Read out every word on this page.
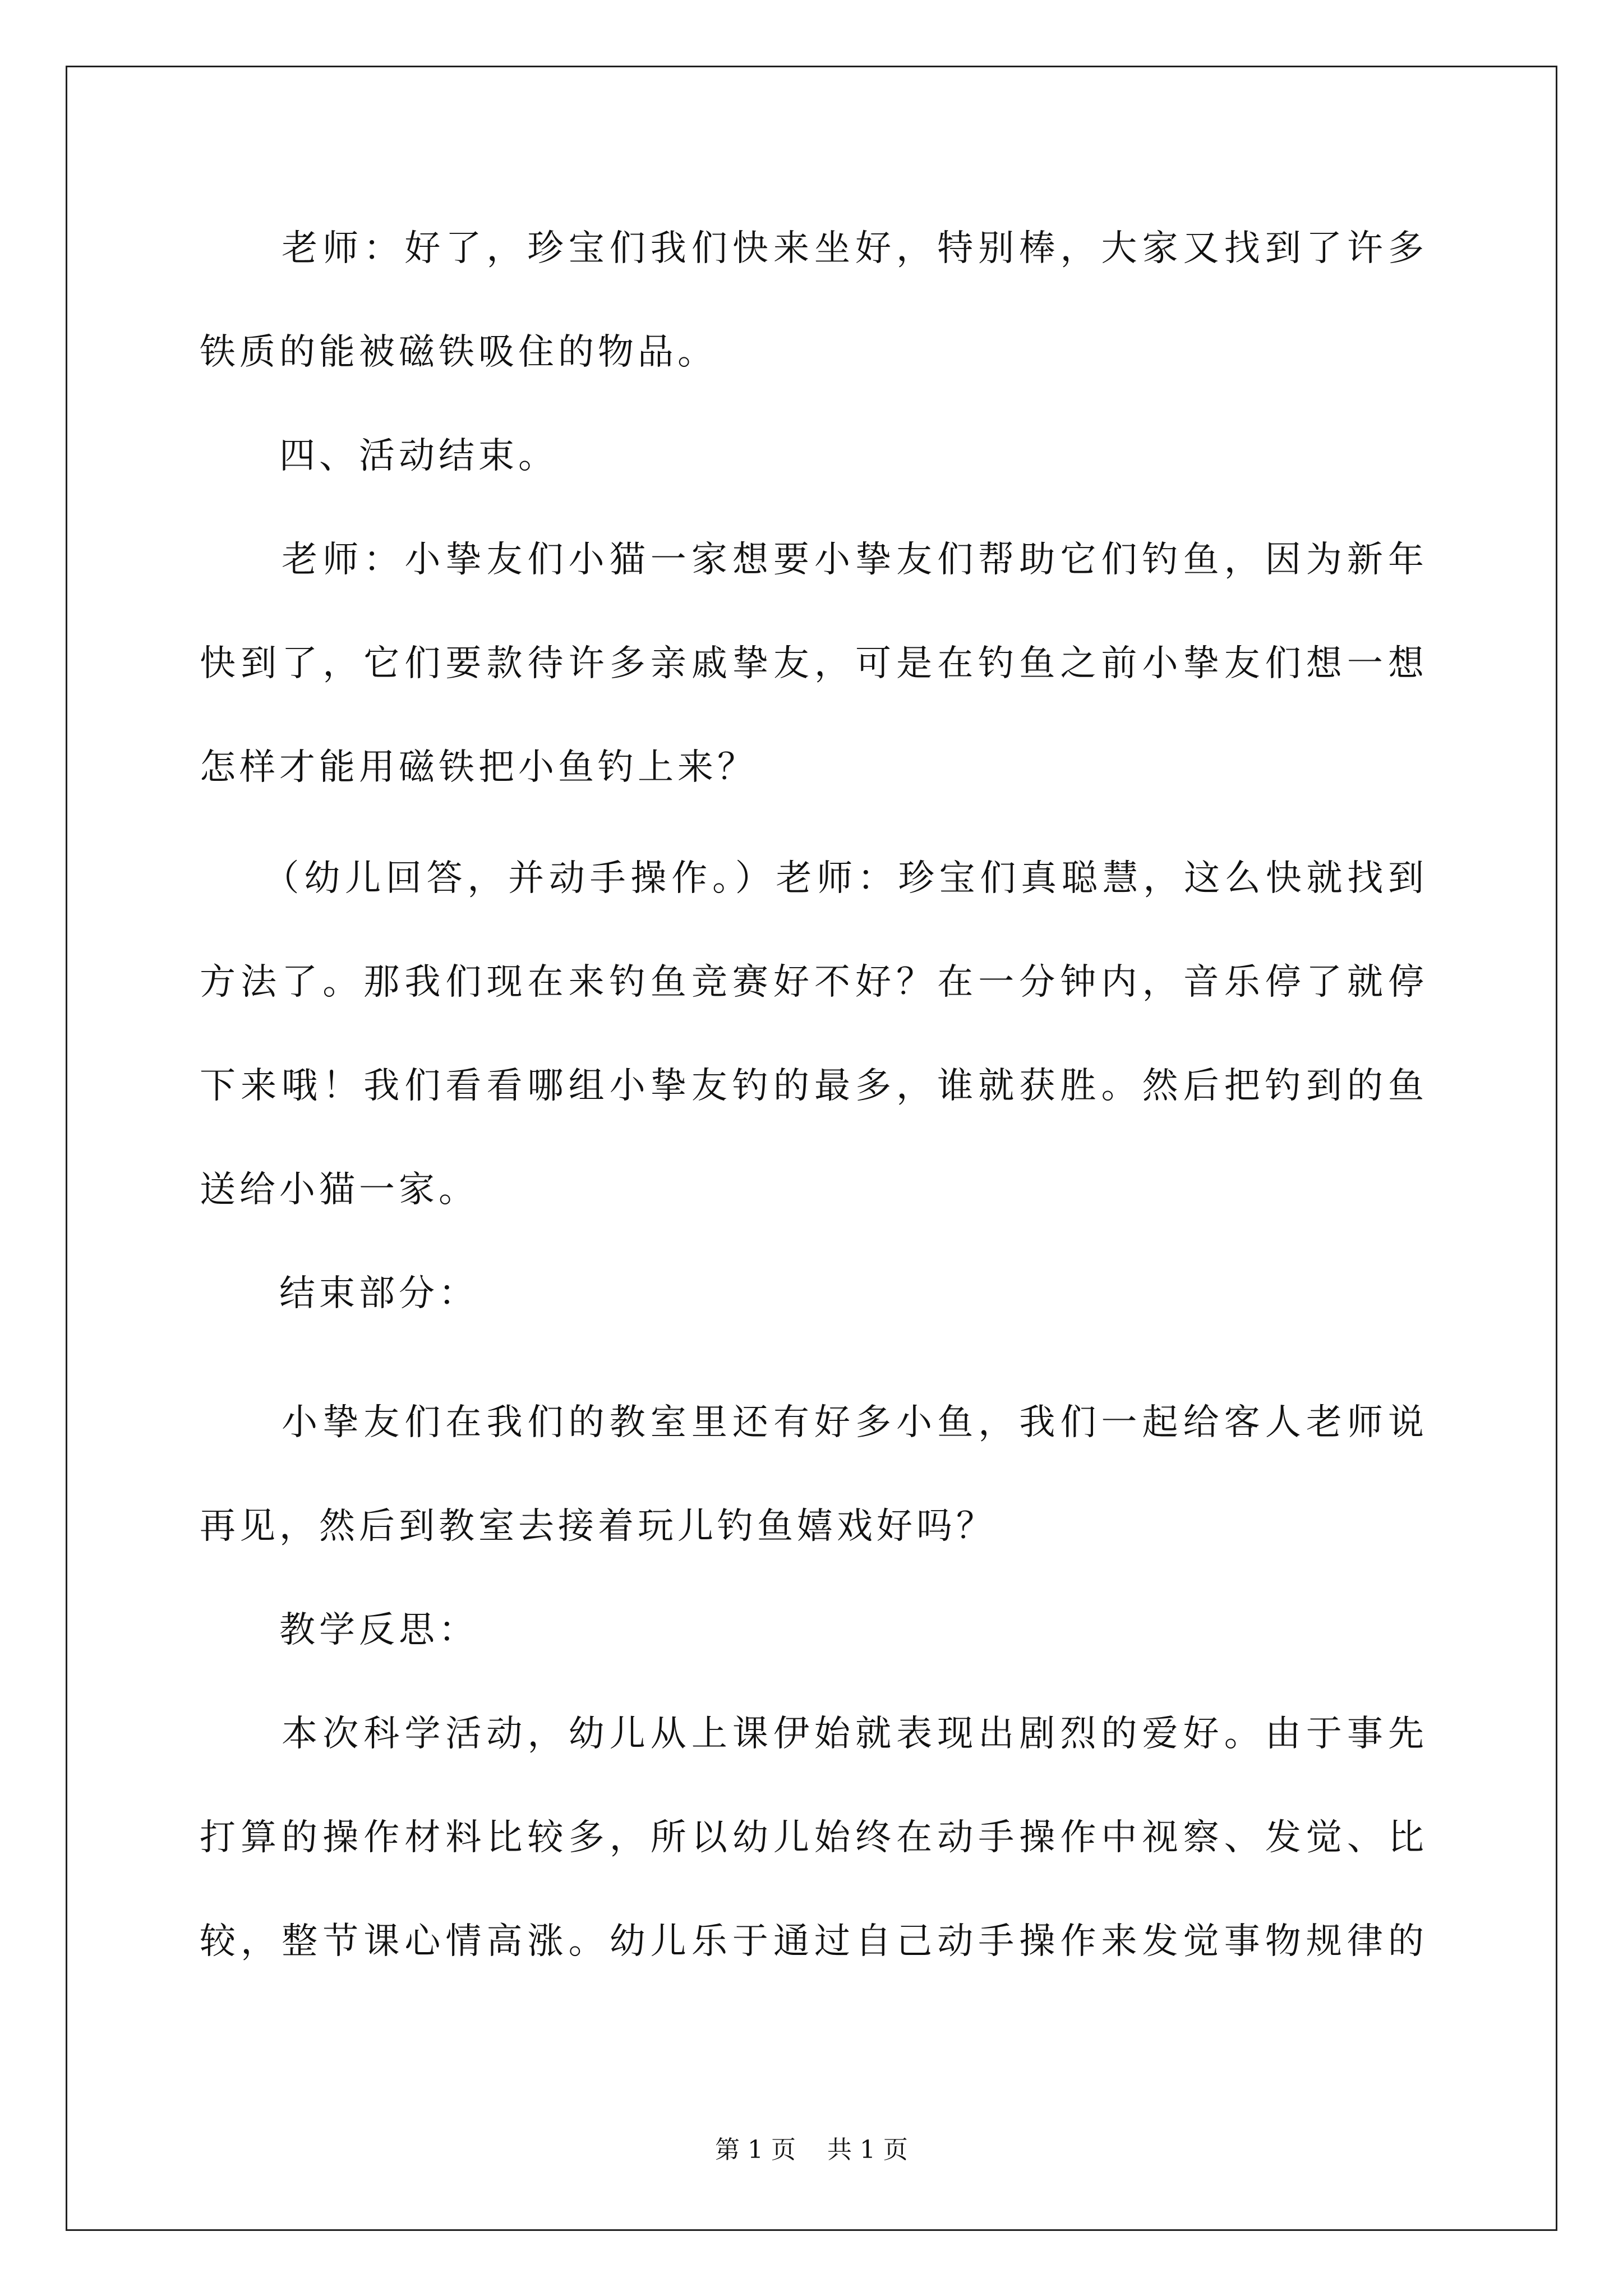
　　老师：好了，珍宝们我们快来坐好，特别棒，大家又找到了许多
铁质的能被磁铁吸住的物品。
　　四、活动结束。
　　老师：小挚友们小猫一家想要小挚友们帮助它们钓鱼，因为新年
快到了，它们要款待许多亲戚挚友，可是在钓鱼之前小挚友们想一想
怎样才能用磁铁把小鱼钓上来？
　　（幼儿回答，并动手操作。）老师：珍宝们真聪慧，这么快就找到
方法了。那我们现在来钓鱼竞赛好不好？在一分钟内，音乐停了就停
下来哦！我们看看哪组小挚友钓的最多，谁就获胜。然后把钓到的鱼
送给小猫一家。
　　结束部分：
　　小挚友们在我们的教室里还有好多小鱼，我们一起给客人老师说
再见，然后到教室去接着玩儿钓鱼嬉戏好吗？
　　教学反思：
　　本次科学活动，幼儿从上课伊始就表现出剧烈的爱好。由于事先
打算的操作材料比较多，所以幼儿始终在动手操作中视察、发觉、比
较，整节课心情高涨。幼儿乐于通过自己动手操作来发觉事物规律的
第 1 页    共 1 页
